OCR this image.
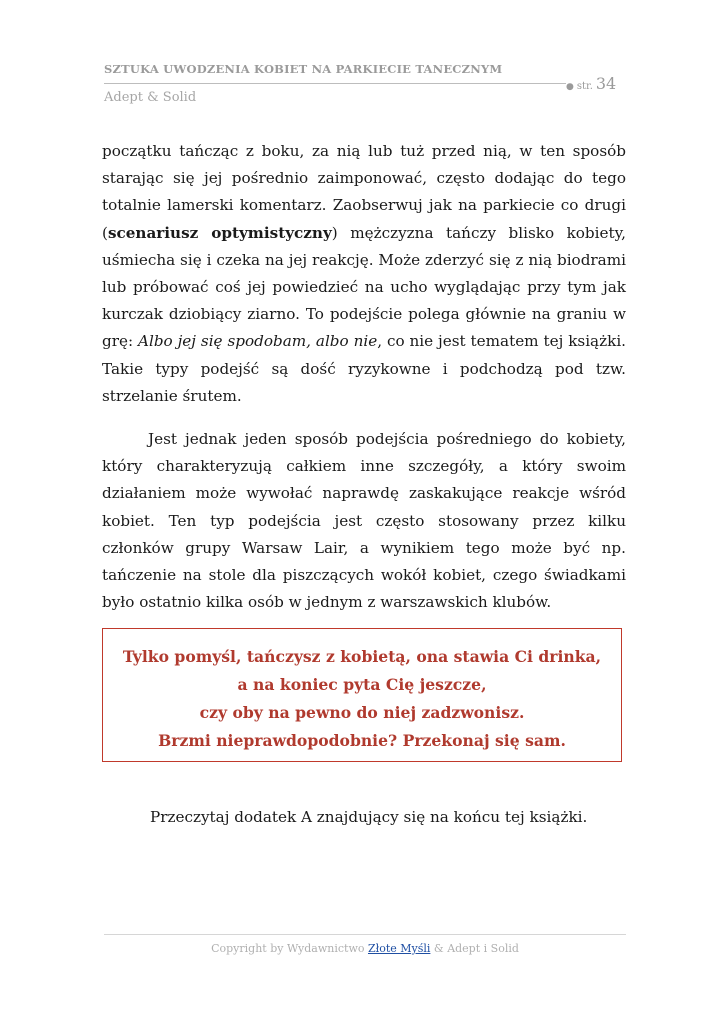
SZTUKA UWODZENIA KOBIET NA PARKIECIE TANECZNYM
● str. 34
Adept & Solid
początku tańcząc z boku, za nią lub tuż przed nią, w ten sposób starając się jej pośrednio zaimponować, często dodając do tego totalnie lamerski komentarz. Zaobserwuj jak na parkiecie co drugi (scenariusz optymistyczny) mężczyzna tańczy blisko kobiety, uśmiecha się i czeka na jej reakcję. Może zderzyć się z nią biodrami lub próbować coś jej powiedzieć na ucho wyglądając przy tym jak kurczak dziobiący ziarno. To podejście polega głównie na graniu w grę: Albo jej się spodobam, albo nie, co nie jest tematem tej książki. Takie typy podejść są dość ryzykowne i podchodzą pod tzw. strzelanie śrutem.
Jest jednak jeden sposób podejścia pośredniego do kobiety, który charakteryzują całkiem inne szczegóły, a który swoim działaniem może wywołać naprawdę zaskakujące reakcje wśród kobiet. Ten typ podejścia jest często stosowany przez kilku członków grupy Warsaw Lair, a wynikiem tego może być np. tańczenie na stole dla piszczących wokół kobiet, czego świadkami było ostatnio kilka osób w jednym z warszawskich klubów.
Tylko pomyśl, tańczysz z kobietą, ona stawia Ci drinka,
a na koniec pyta Cię jeszcze,
czy oby na pewno do niej zadzwonisz.
Brzmi nieprawdopodobnie? Przekonaj się sam.
Przeczytaj dodatek A znajdujący się na końcu tej książki.
Copyright by Wydawnictwo Złote Myśli & Adept i Solid
